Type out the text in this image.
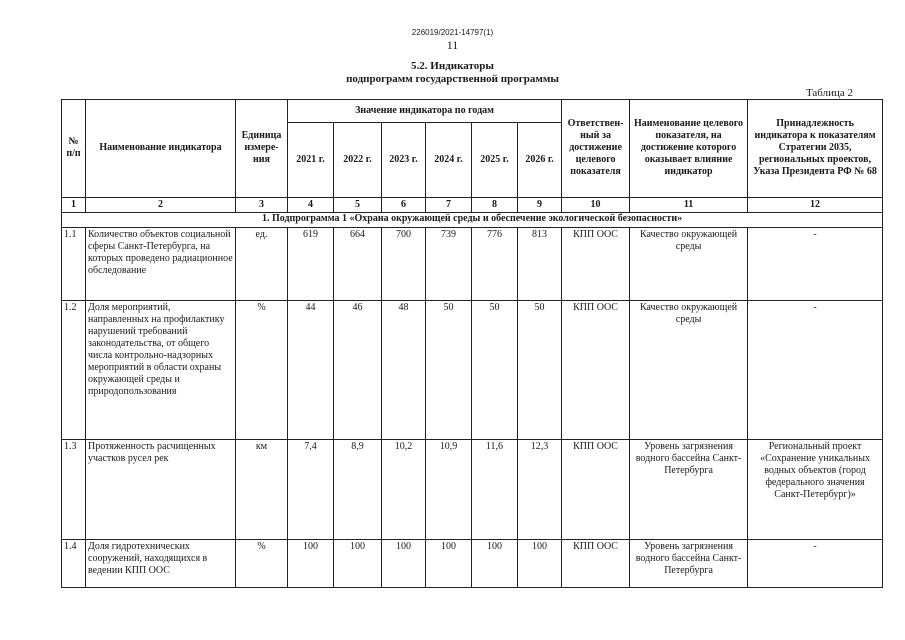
226019/2021-14797(1)
11
5.2. Индикаторы
подпрограмм государственной программы
Таблица 2
№ п/п	Наименование индикатора	Единица измере-ния	Значение индикатора по годам						Ответствен-ный за достижение целевого показателя	Наименование целевого показателя, на достижение которого оказывает влияние индикатор	Принадлежность индикатора к показателям Стратегии 2035, региональных проектов, Указа Президента РФ № 68
			2021 г.	2022 г.	2023 г.	2024 г.	2025 г.	2026 г.			
1	2	3	4	5	6	7	8	9	10	11	12
1. Подпрограмма 1 «Охрана окружающей среды и обеспечение экологической безопасности»											
1.1	Количество объектов социальной сферы Санкт-Петербурга, на которых проведено радиационное обследование	ед.	619	664	700	739	776	813	КПП ООС	Качество окружающей среды	-
1.2	Доля мероприятий, направленных на профилактику нарушений требований законодательства, от общего числа контрольно-надзорных мероприятий в области охраны окружающей среды и природопользования	%	44	46	48	50	50	50	КПП ООС	Качество окружающей среды	-
1.3	Протяженность расчищенных участков русел рек	км	7,4	8,9	10,2	10,9	11,6	12,3	КПП ООС	Уровень загрязнения водного бассейна Санкт-Петербурга	Региональный проект «Сохранение уникальных водных объектов (город федерального значения Санкт-Петербург)»
1.4	Доля гидротехнических сооружений, находящихся в ведении КПП ООС	%	100	100	100	100	100	100	КПП ООС	Уровень загрязнения водного бассейна Санкт-Петербурга	-
